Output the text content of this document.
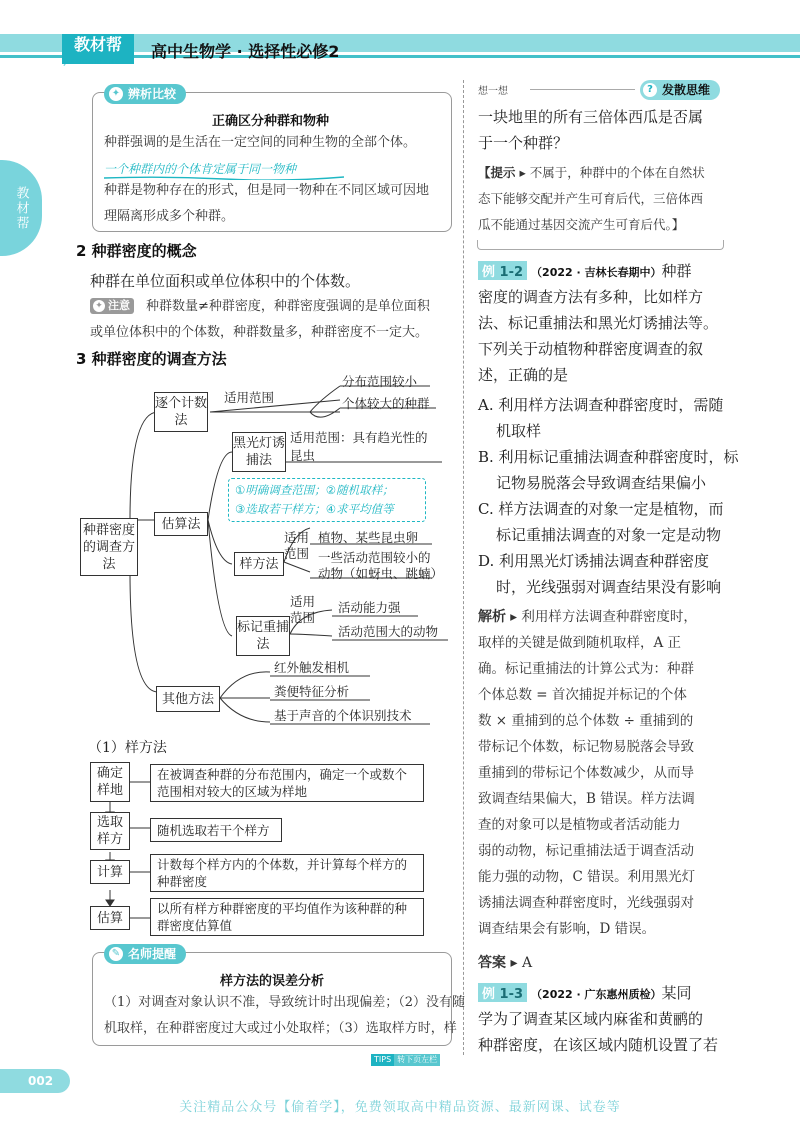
教材帮
JIAOCAIBANG
高中生物学 · 选择性必修2
教材帮
✦ 辨析比较
正确区分种群和物种
种群强调的是生活在一定空间的同种生物的全部个体。
一个种群内的个体肯定属于同一物种
种群是物种存在的形式，但是同一物种在不同区域可因地
理隔离形成多个种群。
2 种群密度的概念
种群在单位面积或单位体积中的个体数。
✦ 注意	种群数量≠种群密度，种群密度强调的是单位面积
或单位体积中的个体数，种群数量多，种群密度不一定大。
3 种群密度的调查方法
种群密度的调查方法
逐个计数法
适用范围
分布范围较小
个体较大的种群
估算法
黑光灯诱捕法
适用范围：具有趋光性的
昆虫
①明确调查范围；②随机取样；
③选取若干样方；④求平均值等
样方法
适用范围
植物、某些昆虫卵
一些活动范围较小的
动物（如蚜虫、跳蝻）
标记重捕法
适用范围
活动能力强
活动范围大的动物
其他方法
红外触发相机
粪便特征分析
基于声音的个体识别技术
（1）样方法
确定样地
在被调查种群的分布范围内，确定一个或数个范围相对较大的区域为样地
选取样方
随机选取若干个样方
计算	计数每个样方内的个体数，并计算每个样方的种群密度
估算
以所有样方种群密度的平均值作为该种群的种群密度估算值
✎ 名师提醒
样方法的误差分析
（1）对调查对象认识不准，导致统计时出现偏差；（2）没有随
机取样，在种群密度过大或过小处取样；（3）选取样方时，样
TIPS 转下页左栏
002
关注精品公众号【偷着学】，免费领取高中精品资源、最新网课、试卷等
想一想	? 发散思维
一块地里的所有三倍体西瓜是否属
于一个种群？
【提示 ▸ 不属于，种群中的个体在自然状
态下能够交配并产生可育后代，三倍体西
瓜不能通过基因交流产生可育后代。】
例 1-2 （2022 · 吉林长春期中）种群
密度的调查方法有多种，比如样方
法、标记重捕法和黑光灯诱捕法等。
下列关于动植物种群密度调查的叙
述，正确的是
A. 利用样方法调查种群密度时，需随
机取样
B. 利用标记重捕法调查种群密度时，标
记物易脱落会导致调查结果偏小
C. 样方法调查的对象一定是植物，而
标记重捕法调查的对象一定是动物
D. 利用黑光灯诱捕法调查种群密度
时，光线强弱对调查结果没有影响
解析 ▸ 利用样方法调查种群密度时，
取样的关键是做到随机取样，A 正
确。标记重捕法的计算公式为：种群
个体总数 = 首次捕捉并标记的个体
数 × 重捕到的总个体数 ÷ 重捕到的
带标记个体数，标记物易脱落会导致
重捕到的带标记个体数减少，从而导
致调查结果偏大，B 错误。样方法调
查的对象可以是植物或者活动能力
弱的动物，标记重捕法适于调查活动
能力强的动物，C 错误。利用黑光灯
诱捕法调查种群密度时，光线强弱对
调查结果会有影响，D 错误。
答案 ▸ A
例 1-3 （2022 · 广东惠州质检）某同
学为了调查某区域内麻雀和黄鹂的
种群密度，在该区域内随机设置了若
